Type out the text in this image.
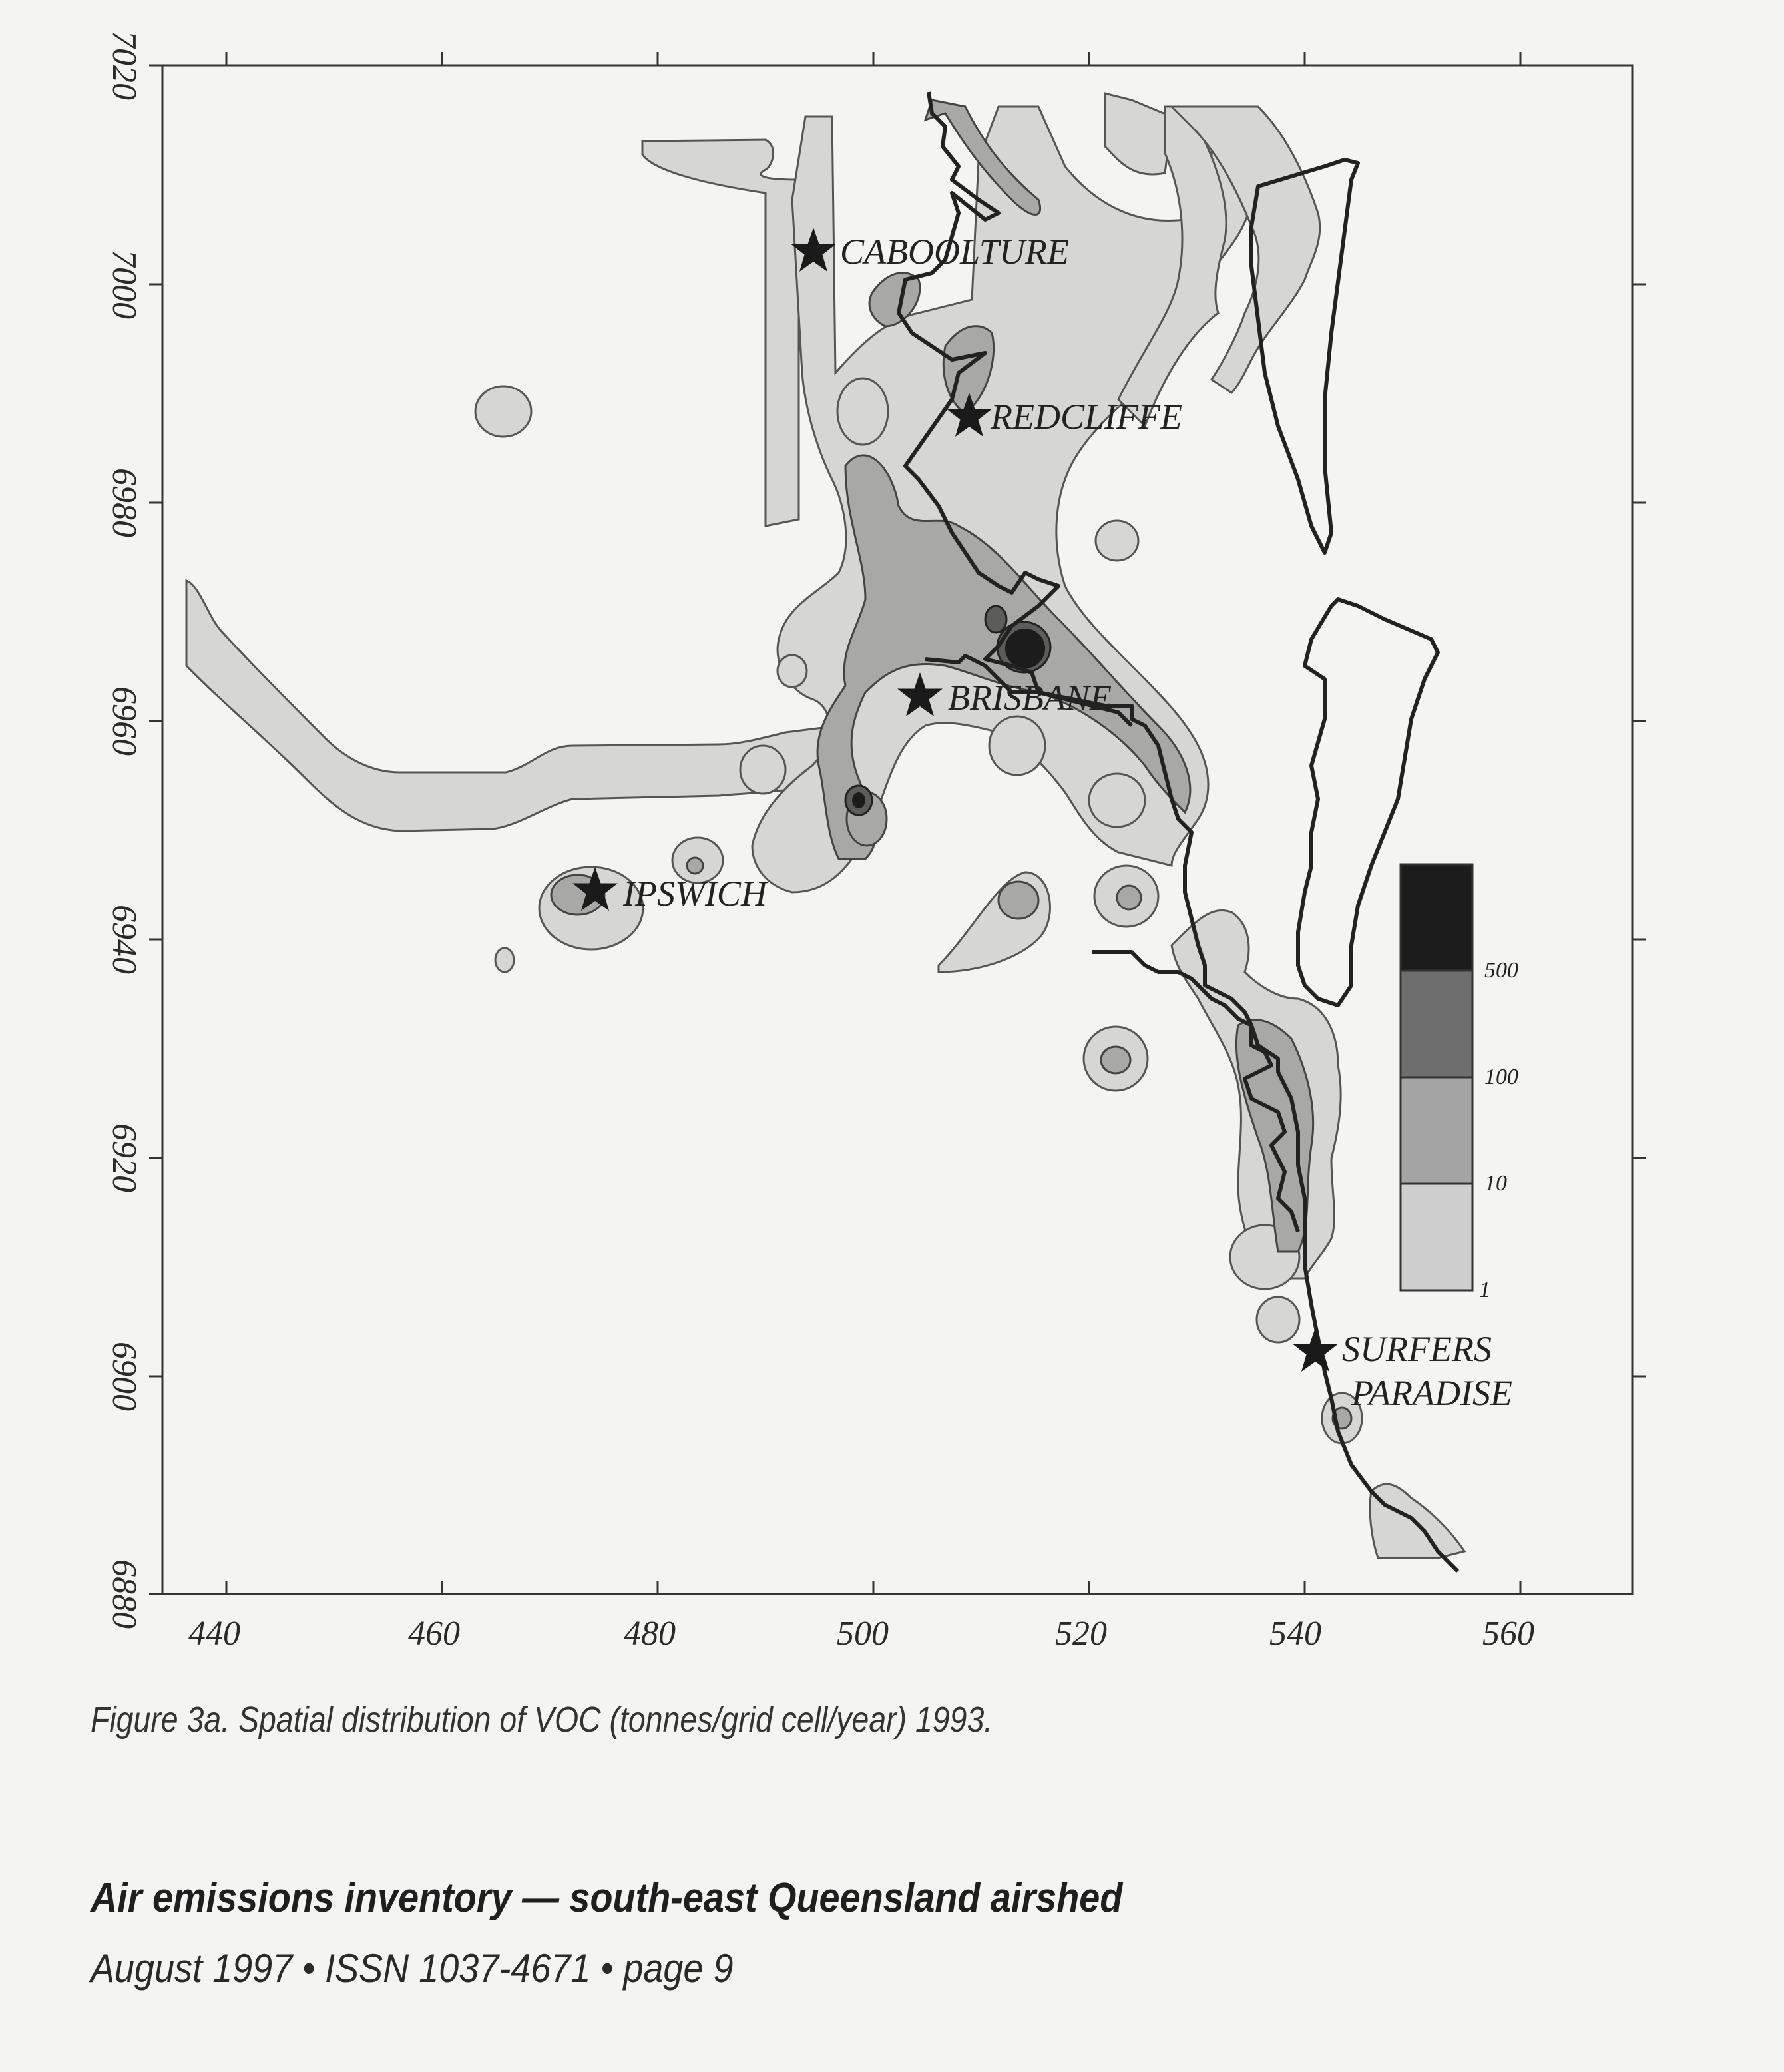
440	460	480	500	520	540	560
6880
6900
6920
6940
6960
6980
7000
7020
CABOOLTURE
REDCLIFFE
BRISBANE
IPSWICH
SURFERS
PARADISE
500
100
10
1
Figure 3a. Spatial distribution of VOC (tonnes/grid cell/year) 1993.
Air emissions inventory — south-east Queensland airshed
August 1997 • ISSN 1037-4671 • page 9
